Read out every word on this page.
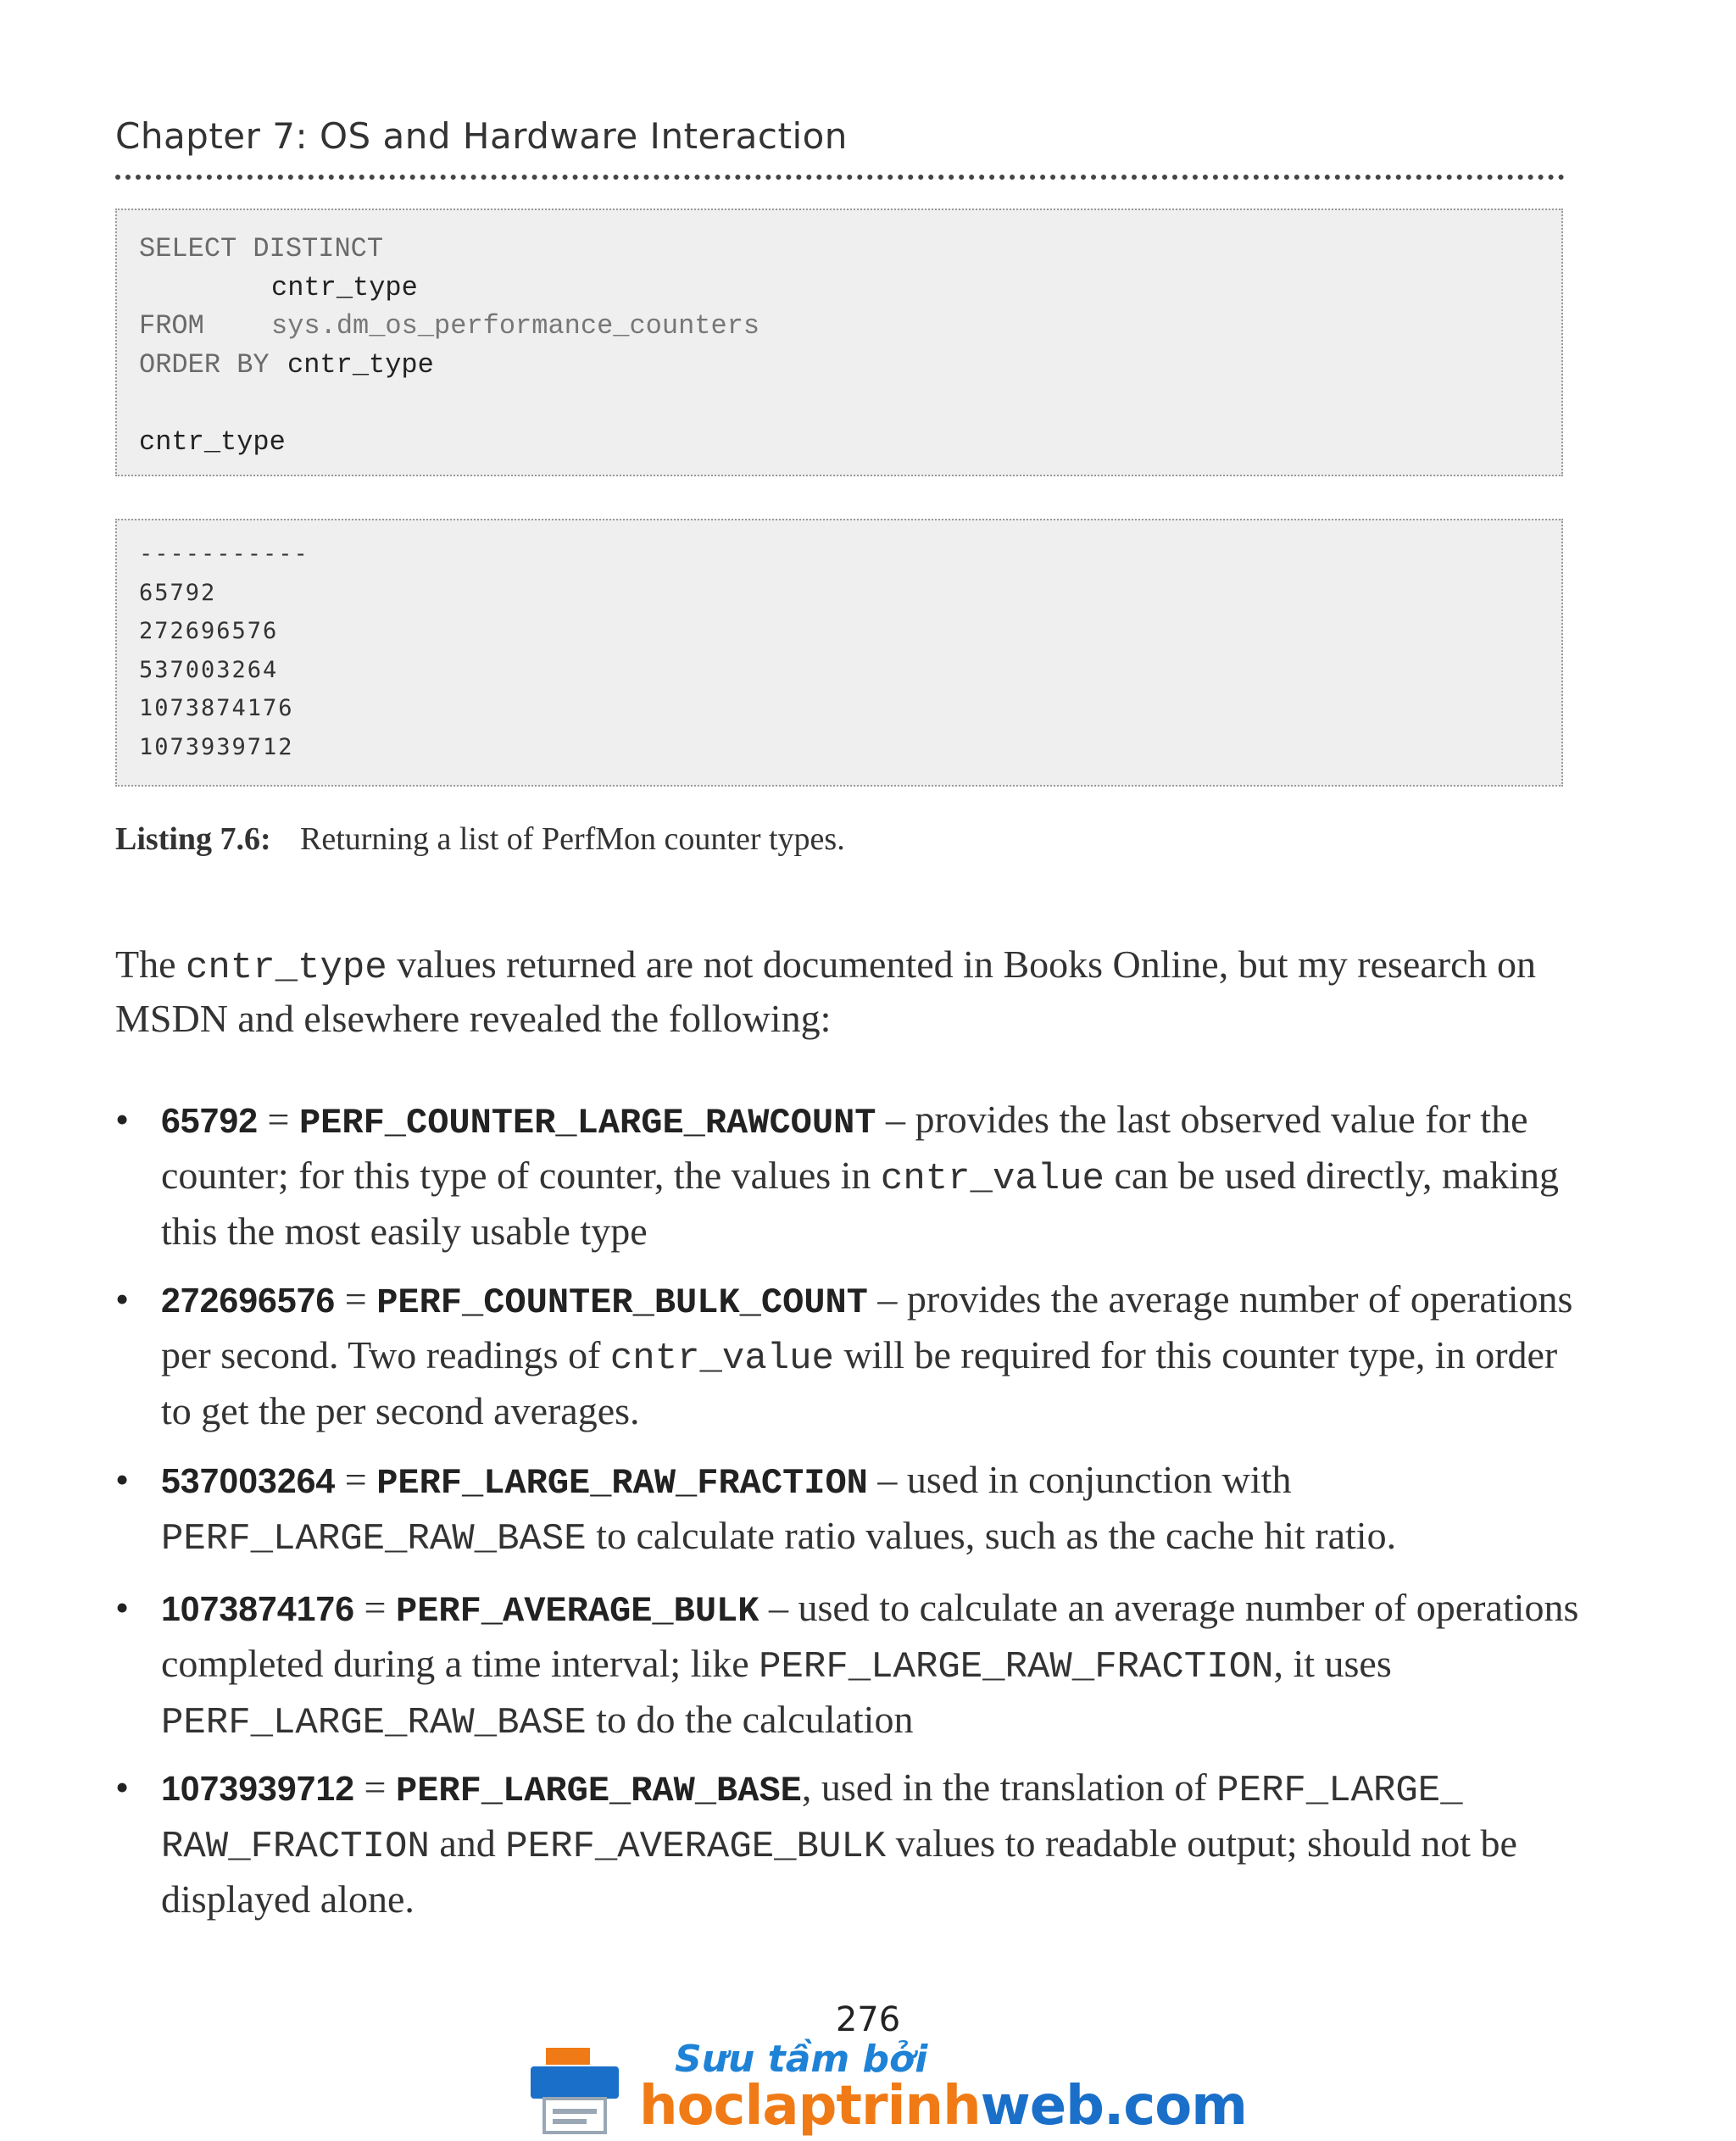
Chapter 7: OS and Hardware Interaction
SELECT DISTINCT
cntr_type
FROM sys.dm_os_performance_counters
ORDER BY cntr_type
cntr_type
-----------
65792
272696576
537003264
1073874176
1073939712
Listing 7.6: Returning a list of PerfMon counter types.
The cntr_type values returned are not documented in Books Online, but my research on MSDN and elsewhere revealed the following:
• 65792 = PERF_COUNTER_LARGE_RAWCOUNT – provides the last observed value for the counter; for this type of counter, the values in cntr_value can be used directly, making this the most easily usable type
• 272696576 = PERF_COUNTER_BULK_COUNT – provides the average number of operations per second. Two readings of cntr_value will be required for this counter type, in order to get the per second averages.
• 537003264 = PERF_LARGE_RAW_FRACTION – used in conjunction with PERF_LARGE_RAW_BASE to calculate ratio values, such as the cache hit ratio.
• 1073874176 = PERF_AVERAGE_BULK – used to calculate an average number of operations completed during a time interval; like PERF_LARGE_RAW_FRACTION, it uses PERF_LARGE_RAW_BASE to do the calculation
• 1073939712 = PERF_LARGE_RAW_BASE, used in the translation of PERF_LARGE_ RAW_FRACTION and PERF_AVERAGE_BULK values to readable output; should not be displayed alone.
276
Sưu tầm bởi
hoclaptrinhweb.com
